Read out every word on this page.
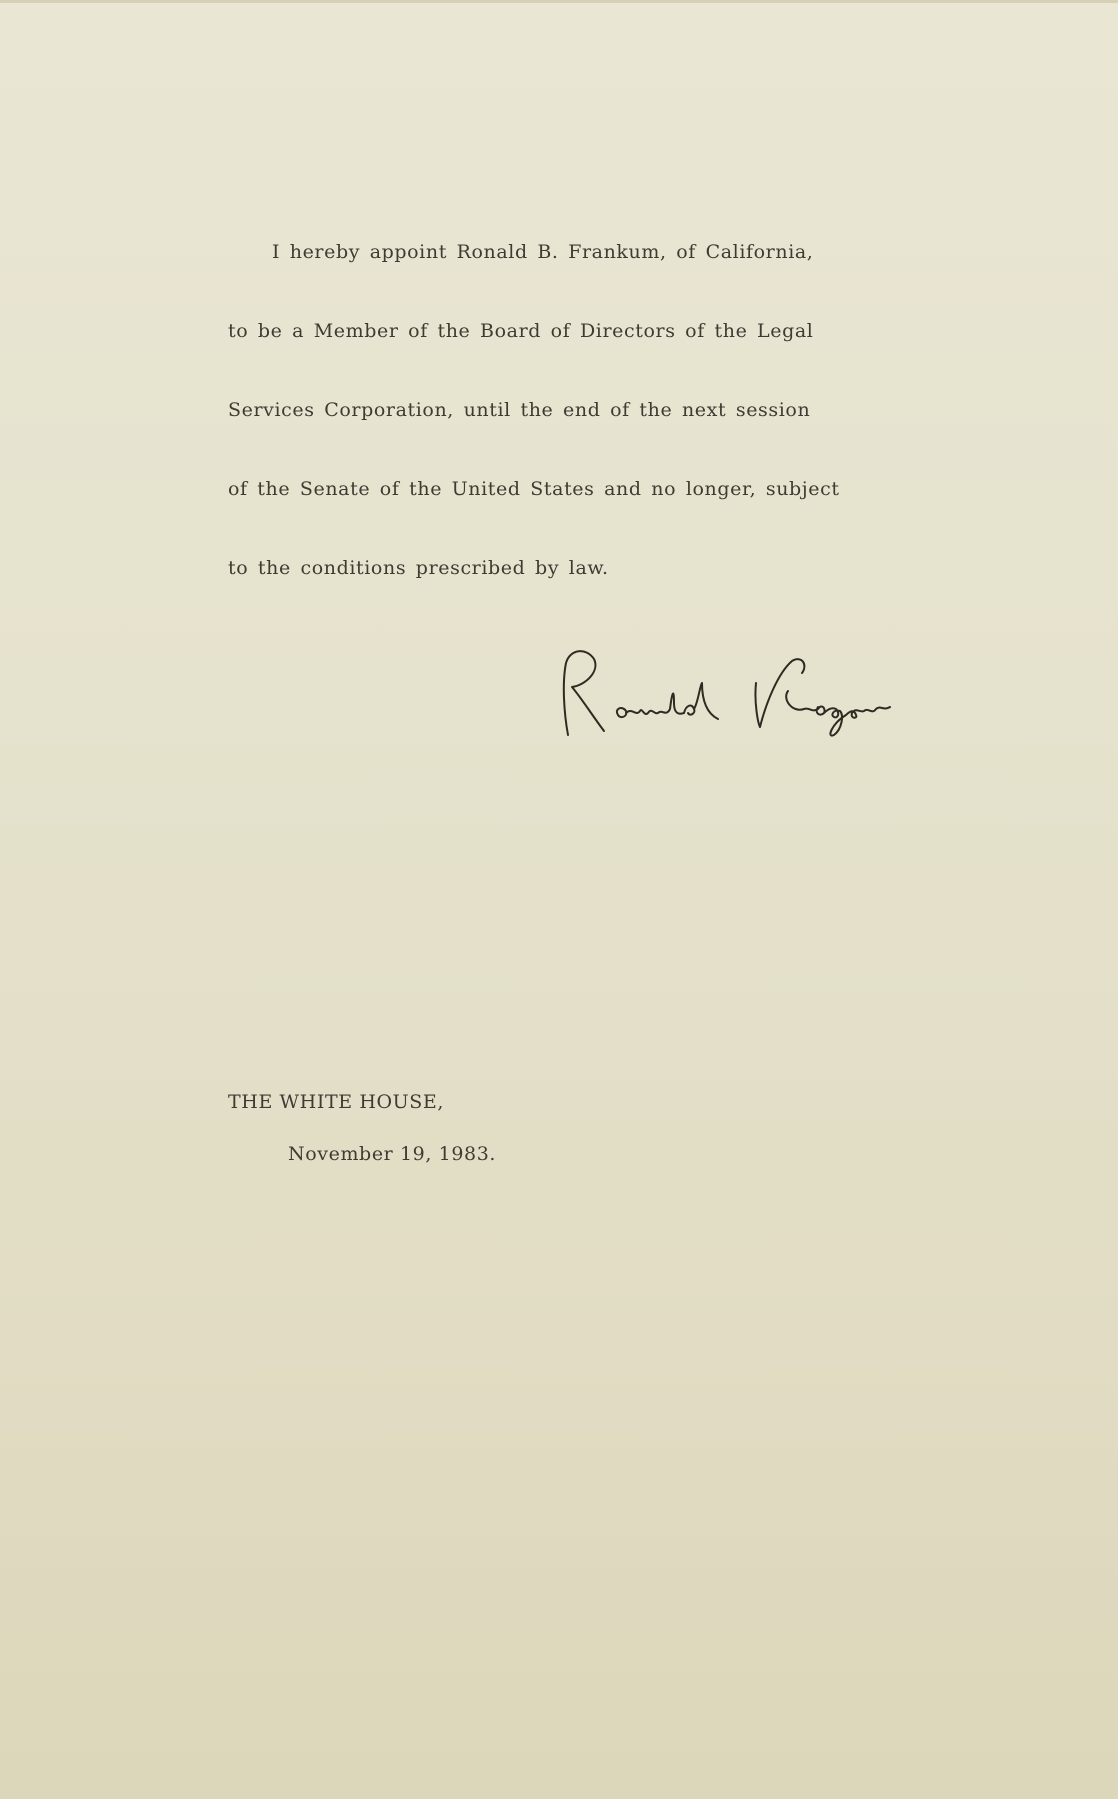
I hereby appoint Ronald B. Frankum, of California,
to be a Member of the Board of Directors of the Legal
Services Corporation, until the end of the next session
of the Senate of the United States and no longer, subject
to the conditions prescribed by law.
THE WHITE HOUSE,
November 19, 1983.
